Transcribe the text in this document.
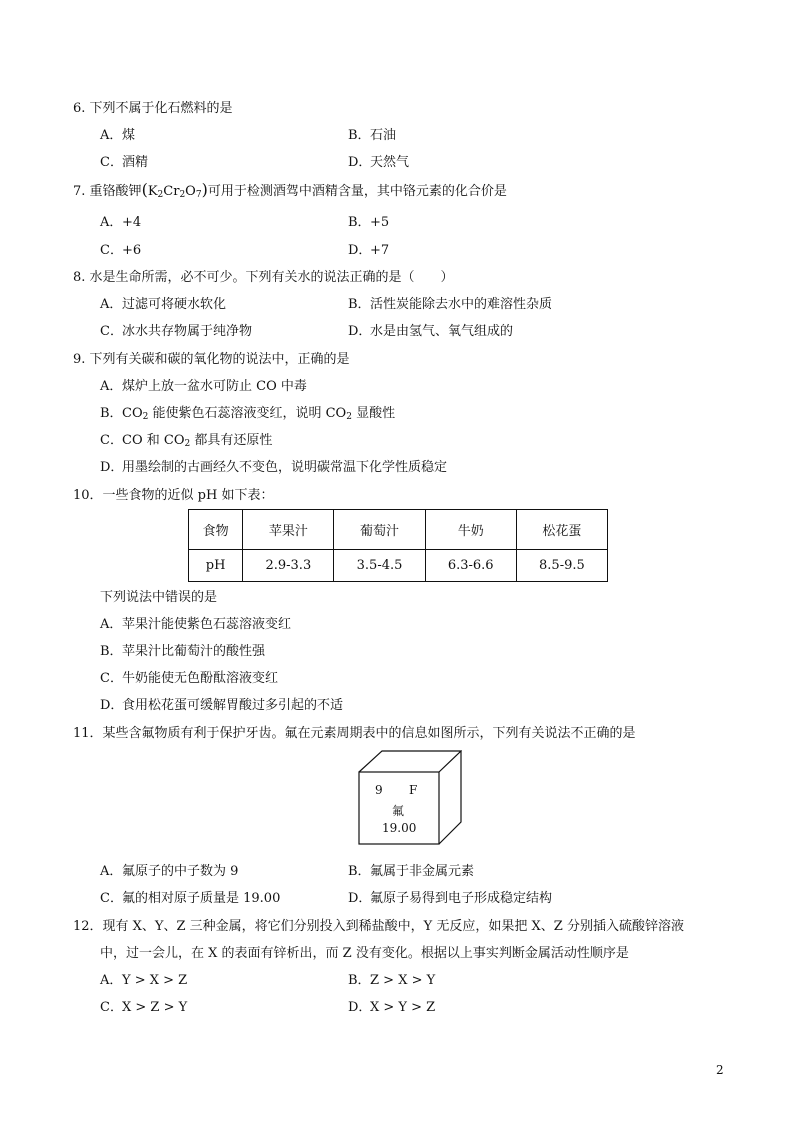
6. 下列不属于化石燃料的是
A．煤	B．石油
C．酒精	D．天然气
7. 重铬酸钾$(K_2Cr_2O_7)$可用于检测酒驾中酒精含量，其中铬元素的化合价是
A．+4	B．+5
C．+6	D．+7
8. 水是生命所需，必不可少。下列有关水的说法正确的是（　　）
A．过滤可将硬水软化	B．活性炭能除去水中的难溶性杂质
C．冰水共存物属于纯净物	D．水是由氢气、氧气组成的
9. 下列有关碳和碳的氧化物的说法中，正确的是
A．煤炉上放一盆水可防止 CO 中毒
B．$CO_2$ 能使紫色石蕊溶液变红，说明 $CO_2$ 显酸性
C．CO 和 $CO_2$ 都具有还原性
D．用墨绘制的古画经久不变色，说明碳常温下化学性质稳定
10．一些食物的近似 pH 如下表：
食物	苹果汁	葡萄汁	牛奶	松花蛋
pH	2.9-3.3	3.5-4.5	6.3-6.6	8.5-9.5
下列说法中错误的是
A．苹果汁能使紫色石蕊溶液变红
B．苹果汁比葡萄汁的酸性强
C．牛奶能使无色酚酞溶液变红
D．食用松花蛋可缓解胃酸过多引起的不适
11．某些含氟物质有利于保护牙齿。氟在元素周期表中的信息如图所示，下列有关说法不正确的是
9 F
氟
19.00
A．氟原子的中子数为 9	B．氟属于非金属元素
C．氟的相对原子质量是 19.00	D．氟原子易得到电子形成稳定结构
12．现有 X、Y、Z 三种金属，将它们分别投入到稀盐酸中，Y 无反应，如果把 X、Z 分别插入硫酸锌溶液
中，过一会儿，在 X 的表面有锌析出，而 Z 没有变化。根据以上事实判断金属活动性顺序是
A．Y > X > Z	B．Z > X > Y
C．X > Z > Y	D．X > Y > Z
2
